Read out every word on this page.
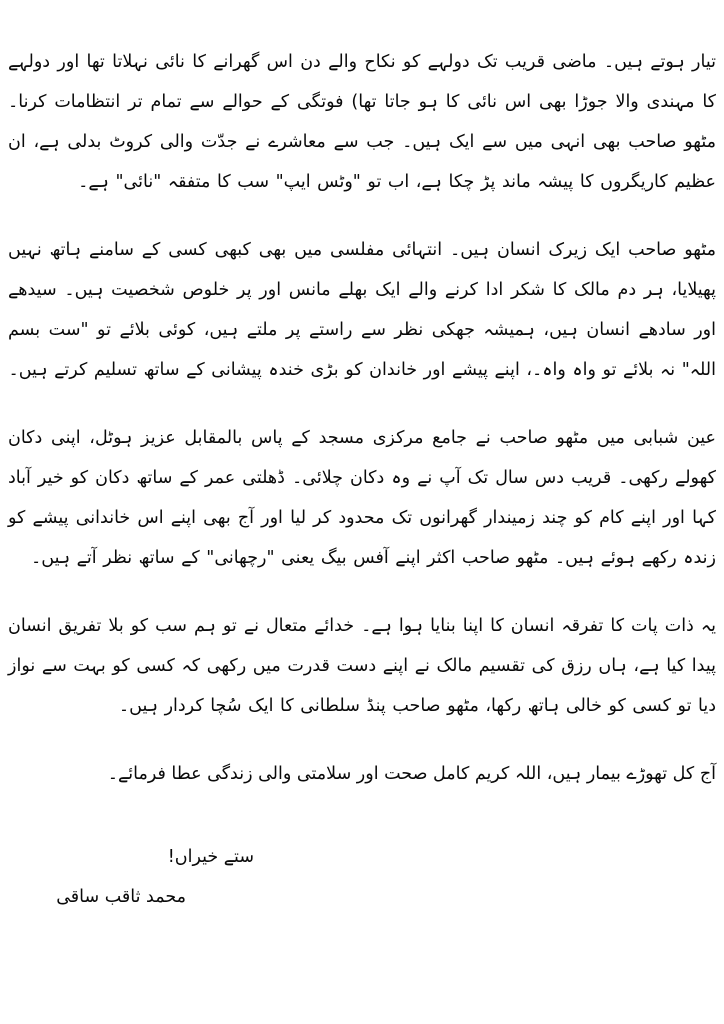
تیار ہوتے ہیں۔ ماضی قریب تک دولہے کو نکاح والے دن اس گھرانے کا نائی نہلاتا تھا اور دولہے کا مہندی والا جوڑا بھی اس نائی کا ہو جاتا تھا) فوتگی کے حوالے سے تمام تر انتظامات کرنا۔ مٹھو صاحب بھی انہی میں سے ایک ہیں۔ جب سے معاشرے نے جدّت والی کروٹ بدلی ہے، ان عظیم کاریگروں کا پیشہ ماند پڑ چکا ہے، اب تو "وٹس ایپ" سب کا متفقہ "نائی" ہے۔

مٹھو صاحب ایک زیرک انسان ہیں۔ انتہائی مفلسی میں بھی کبھی کسی کے سامنے ہاتھ نہیں پھیلایا، ہر دم مالک کا شکر ادا کرنے والے ایک بھلے مانس اور پر خلوص شخصیت ہیں۔ سیدھے اور سادھے انسان ہیں، ہمیشہ جھکی نظر سے راستے پر ملتے ہیں، کوئی بلائے تو "ست بسم اللہ" نہ بلائے تو واہ واہ۔، اپنے پیشے اور خاندان کو بڑی خندہ پیشانی کے ساتھ تسلیم کرتے ہیں۔

عین شبابی میں مٹھو صاحب نے جامع مرکزی مسجد کے پاس بالمقابل عزیز ہوٹل، اپنی دکان کھولے رکھی۔ قریب دس سال تک آپ نے وہ دکان چلائی۔ ڈھلتی عمر کے ساتھ دکان کو خیر آباد کہا اور اپنے کام کو چند زمیندار گھرانوں تک محدود کر لیا اور آج بھی اپنے اس خاندانی پیشے کو زندہ رکھے ہوئے ہیں۔ مٹھو صاحب اکثر اپنے آفس بیگ یعنی "رچھانی" کے ساتھ نظر آتے ہیں۔

یہ ذات پات کا تفرقہ انسان کا اپنا بنایا ہوا ہے۔ خدائے متعال نے تو ہم سب کو بلا تفریق انسان پیدا کیا ہے، ہاں رزق کی تقسیم مالک نے اپنے دست قدرت میں رکھی کہ کسی کو بہت سے نواز دیا تو کسی کو خالی ہاتھ رکھا، مٹھو صاحب پنڈ سلطانی کا ایک سُچا کردار ہیں۔

آج کل تھوڑے بیمار ہیں، اللہ کریم کامل صحت اور سلامتی والی زندگی عطا فرمائے۔

ستے خیراں!
محمد ثاقب ساقی
